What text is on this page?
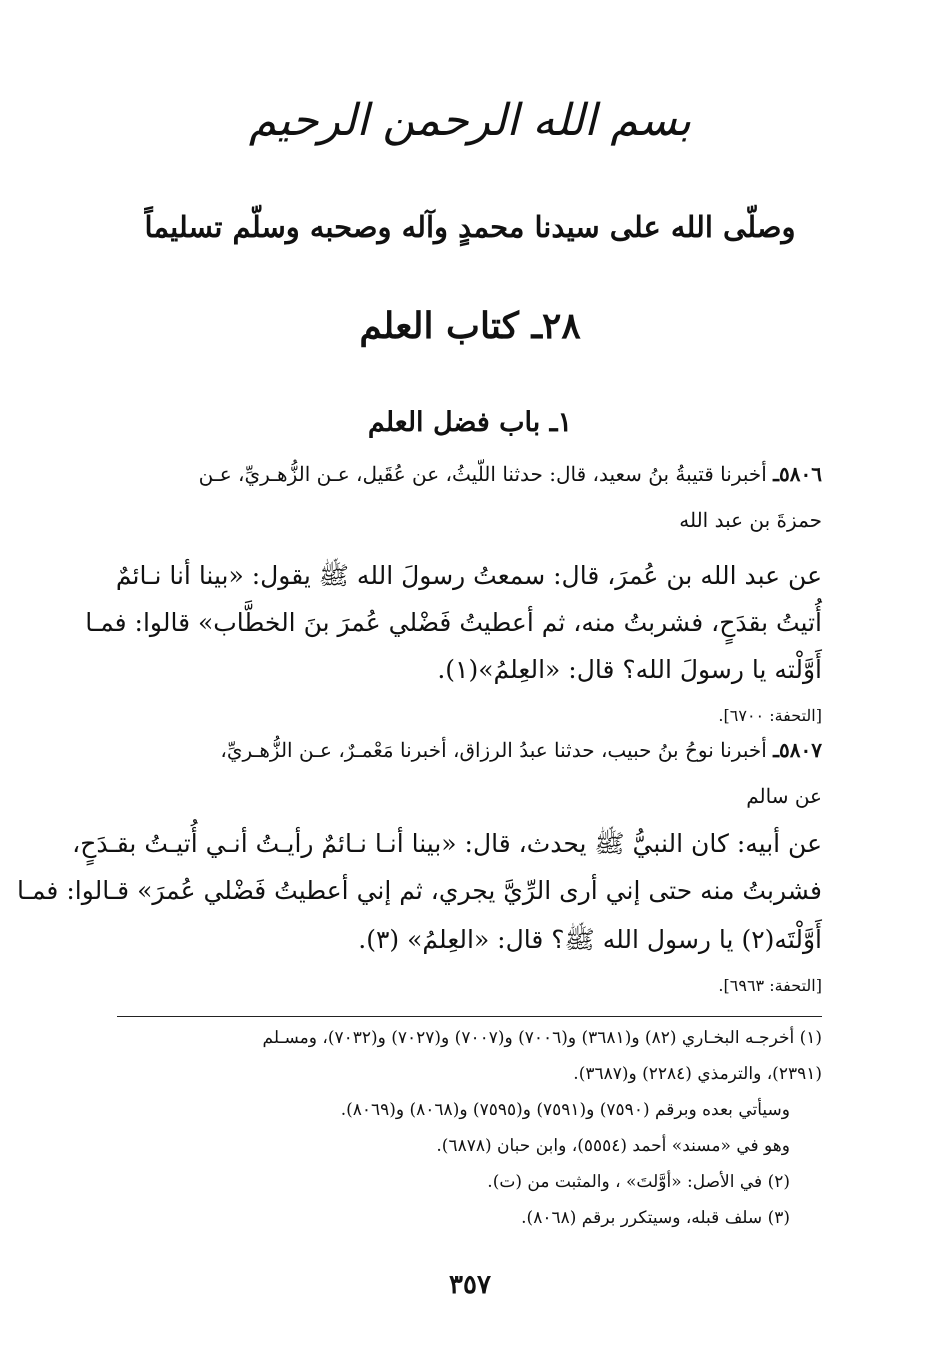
بسم الله الرحمن الرحيم
وصلّى الله على سيدنا محمدٍ وآله وصحبه وسلّم تسليماً
٢٨ـ كتاب العلم
١ـ باب فضل العلم
٥٨٠٦ـ أخبرنا قتيبةُ بنُ سعيد، قال: حدثنا اللّيثُ، عن عُقَيل، عـن الزُّهـريِّ، عـن
حمزةَ بن عبد الله
عن عبد الله بن عُمرَ، قال: سمعتُ رسولَ الله ﷺ يقول: «بينا أنا نـائمٌ
أُتيتُ بقدَحٍ، فشربتُ منه، ثم أعطيتُ فَضْلي عُمرَ بنَ الخطَّاب» قالوا: فمـا
أَوَّلْته يا رسولَ الله؟ قال: «العِلمُ»(١).
[التحفة: ٦٧٠٠].
٥٨٠٧ـ أخبرنا نوحُ بنُ حبيب، حدثنا عبدُ الرزاق، أخبرنا مَعْمـرٌ، عـن الزُّهـريِّ،
عن سالم
عن أبيه: كان النبيُّ ﷺ يحدث، قال: «بينا أنـا نـائمٌ رأيـتُ أنـي أُتيـتُ بقـدَحٍ،
فشربتُ منه حتى إني أرى الرِّيَّ يجري، ثم إني أعطيتُ فَضْلي عُمرَ» قـالوا: فمـا
أَوَّلْتَه(٢) يا رسول الله ﷺ؟ قال: «العِلمُ» (٣).
[التحفة: ٦٩٦٣].
(١) أخرجـه البخـاري (٨٢) و(٣٦٨١) و(٧٠٠٦) و(٧٠٠٧) و(٧٠٢٧) و(٧٠٣٢)، ومسـلم
(٢٣٩١)، والترمذي (٢٢٨٤) و(٣٦٨٧).
وسيأتي بعده وبرقم (٧٥٩٠) و(٧٥٩١) و(٧٥٩٥) و(٨٠٦٨) و(٨٠٦٩).
وهو في «مسند» أحمد (٥٥٥٤)، وابن حبان (٦٨٧٨).
(٢) في الأصل: «أوَّلتَ» ، والمثبت من (ت).
(٣) سلف قبله، وسيتكرر برقم (٨٠٦٨).
٣٥٧
